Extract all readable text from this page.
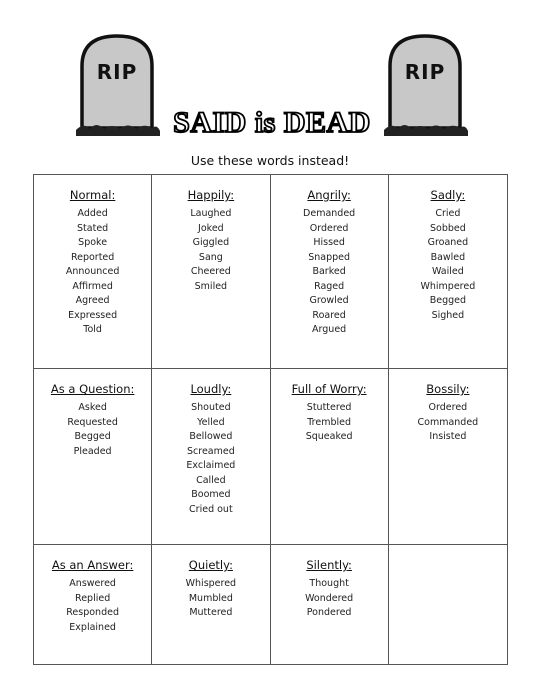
RIP	RIP
SAID is DEAD
Use these words instead!
Normal:
Added
Stated
Spoke
Reported
Announced
Affirmed
Agreed
Expressed
Told
Happily:
Laughed
Joked
Giggled
Sang
Cheered
Smiled
Angrily:
Demanded
Ordered
Hissed
Snapped
Barked
Raged
Growled
Roared
Argued
Sadly:
Cried
Sobbed
Groaned
Bawled
Wailed
Whimpered
Begged
Sighed
As a Question:
Asked
Requested
Begged
Pleaded
Loudly:
Shouted
Yelled
Bellowed
Screamed
Exclaimed
Called
Boomed
Cried out
Full of Worry:
Stuttered
Trembled
Squeaked
Bossily:
Ordered
Commanded
Insisted
As an Answer:
Answered
Replied
Responded
Explained
Quietly:
Whispered
Mumbled
Muttered
Silently:
Thought
Wondered
Pondered
